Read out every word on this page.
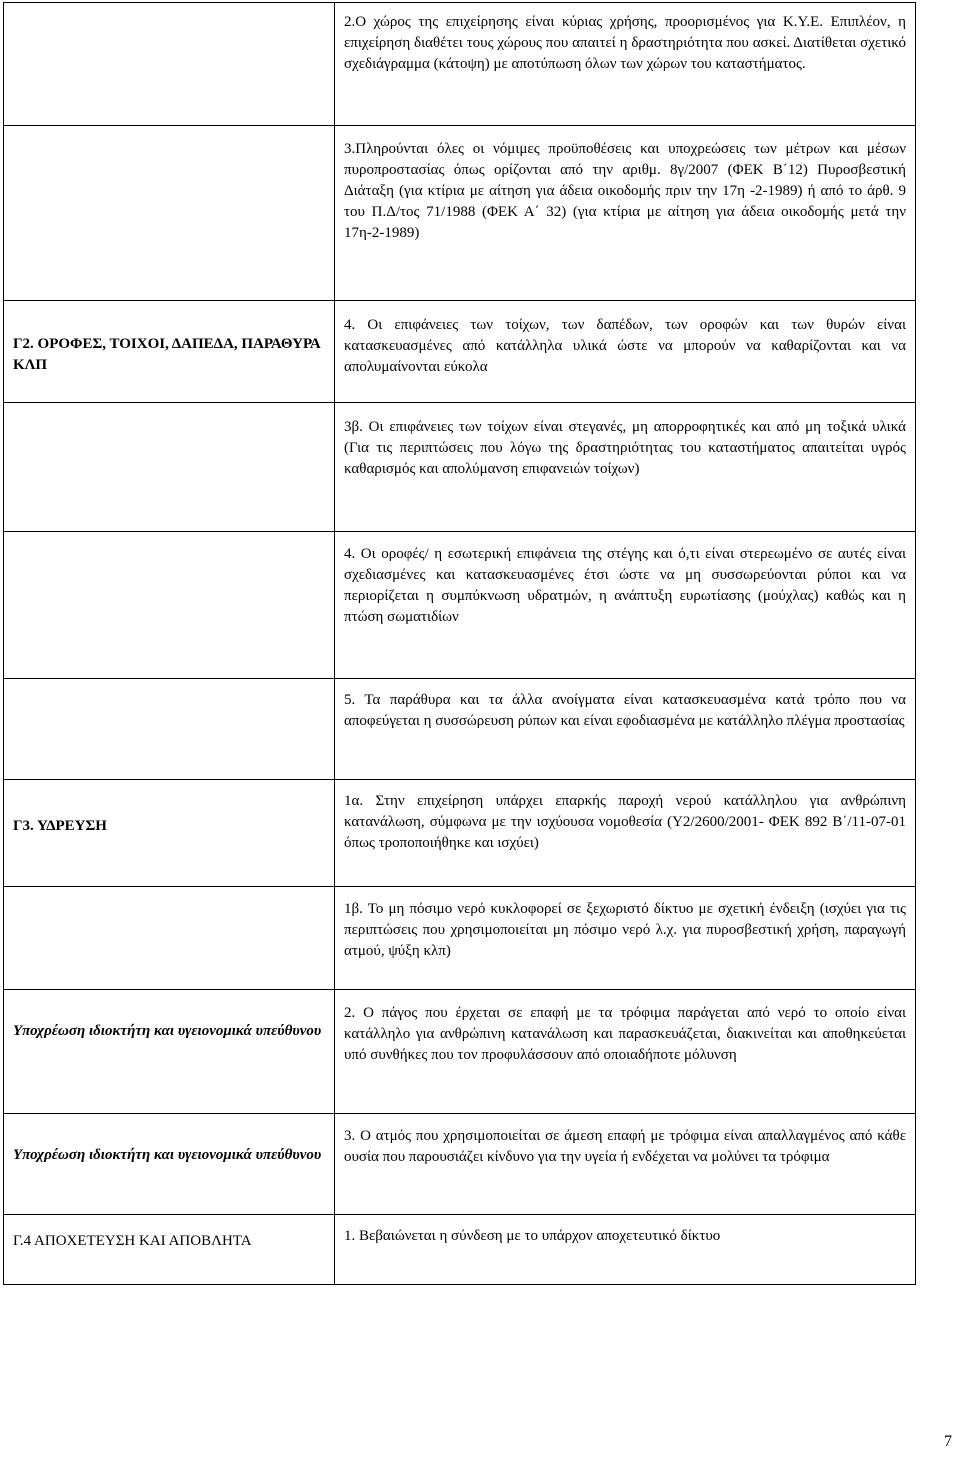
	2.Ο χώρος της επιχείρησης είναι κύριας χρήσης, προορισμένος για Κ.Υ.Ε. Επιπλέον, η επιχείρηση διαθέτει τους χώρους που απαιτεί η δραστηριότητα που ασκεί. Διατίθεται σχετικό σχεδιάγραμμα (κάτοψη) με αποτύπωση όλων των χώρων του καταστήματος.

	3.Πληρούνται όλες οι νόμιμες προϋποθέσεις και υποχρεώσεις των μέτρων και μέσων πυροπροστασίας όπως ορίζονται από την αριθμ. 8γ/2007 (ΦΕΚ Β΄12) Πυροσβεστική Διάταξη (για κτίρια με αίτηση για άδεια οικοδομής πριν την 17η -2-1989) ή από το άρθ. 9 του Π.Δ/τος 71/1988 (ΦΕΚ Α΄ 32) (για κτίρια με αίτηση για άδεια οικοδομής μετά την 17η-2-1989)

Γ2. ΟΡΟΦΕΣ, ΤΟΙΧΟΙ, ΔΑΠΕΔΑ, ΠΑΡΑΘΥΡΑ ΚΛΠ	4. Οι επιφάνειες των τοίχων, των δαπέδων, των οροφών και των θυρών είναι κατασκευασμένες από κατάλληλα υλικά ώστε να μπορούν να καθαρίζονται και να απολυμαίνονται εύκολα

	3β. Οι επιφάνειες των τοίχων είναι στεγανές, μη απορροφητικές και από μη τοξικά υλικά (Για τις περιπτώσεις που λόγω της δραστηριότητας του καταστήματος απαιτείται υγρός καθαρισμός και απολύμανση επιφανειών τοίχων)

	4. Οι οροφές/ η εσωτερική επιφάνεια της στέγης και ό,τι είναι στερεωμένο σε αυτές είναι σχεδιασμένες και κατασκευασμένες έτσι ώστε να μη συσσωρεύονται ρύποι και να περιορίζεται η συμπύκνωση υδρατμών, η ανάπτυξη ευρωτίασης (μούχλας) καθώς και η πτώση σωματιδίων

	5. Τα παράθυρα και τα άλλα ανοίγματα είναι κατασκευασμένα κατά τρόπο που να αποφεύγεται η συσσώρευση ρύπων και είναι εφοδιασμένα με κατάλληλο πλέγμα προστασίας

Γ3. ΥΔΡΕΥΣΗ	1α. Στην επιχείρηση υπάρχει επαρκής παροχή νερού κατάλληλου για ανθρώπινη κατανάλωση, σύμφωνα με την ισχύουσα νομοθεσία (Υ2/2600/2001- ΦΕΚ 892 Β΄/11-07-01 όπως τροποποιήθηκε και ισχύει)

	1β. Το μη πόσιμο νερό κυκλοφορεί σε ξεχωριστό δίκτυο με σχετική ένδειξη (ισχύει για τις περιπτώσεις που χρησιμοποιείται μη πόσιμο νερό λ.χ. για πυροσβεστική χρήση, παραγωγή ατμού, ψύξη κλπ)

Υποχρέωση ιδιοκτήτη και υγειονομικά υπεύθυνου	2. Ο πάγος που έρχεται σε επαφή με τα τρόφιμα παράγεται από νερό το οποίο είναι κατάλληλο για ανθρώπινη κατανάλωση και παρασκευάζεται, διακινείται και αποθηκεύεται υπό συνθήκες που τον προφυλάσσουν από οποιαδήποτε μόλυνση

Υποχρέωση ιδιοκτήτη και υγειονομικά υπεύθυνου	3. Ο ατμός που χρησιμοποιείται σε άμεση επαφή με τρόφιμα είναι απαλλαγμένος από κάθε ουσία που παρουσιάζει κίνδυνο για την υγεία ή ενδέχεται να μολύνει τα τρόφιμα

Γ.4 ΑΠΟΧΕΤΕΥΣΗ ΚΑΙ ΑΠΟΒΛΗΤΑ	1. Βεβαιώνεται η σύνδεση με το υπάρχον αποχετευτικό δίκτυο
7
